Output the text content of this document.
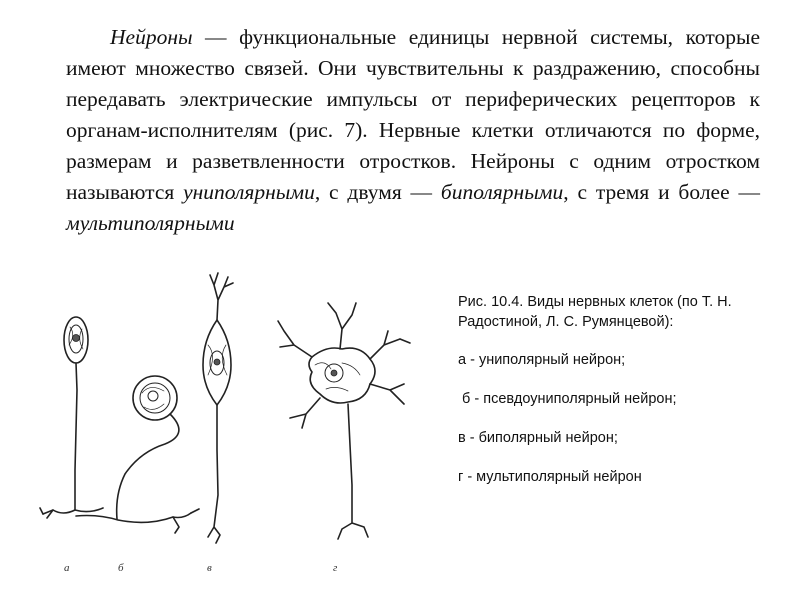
Нейроны — функциональные единицы нервной системы, которые имеют множество связей. Они чувствительны к раздражению, способны передавать электрические импульсы от периферических рецепторов к органам-исполнителям (рис. 7). Нервные клетки отличаются по форме, размерам и разветвленности отростков. Нейроны с одним отростком называются униполярными, с двумя — биполярными, с тремя и более — мультиполярными

а	б	в	г

Рис. 10.4. Виды нервных клеток (по Т. Н. Радостиной, Л. С. Румянцевой):

а - униполярный нейрон;

б - псевдоуниполярный нейрон;

в - биполярный нейрон;

г - мультиполярный нейрон
